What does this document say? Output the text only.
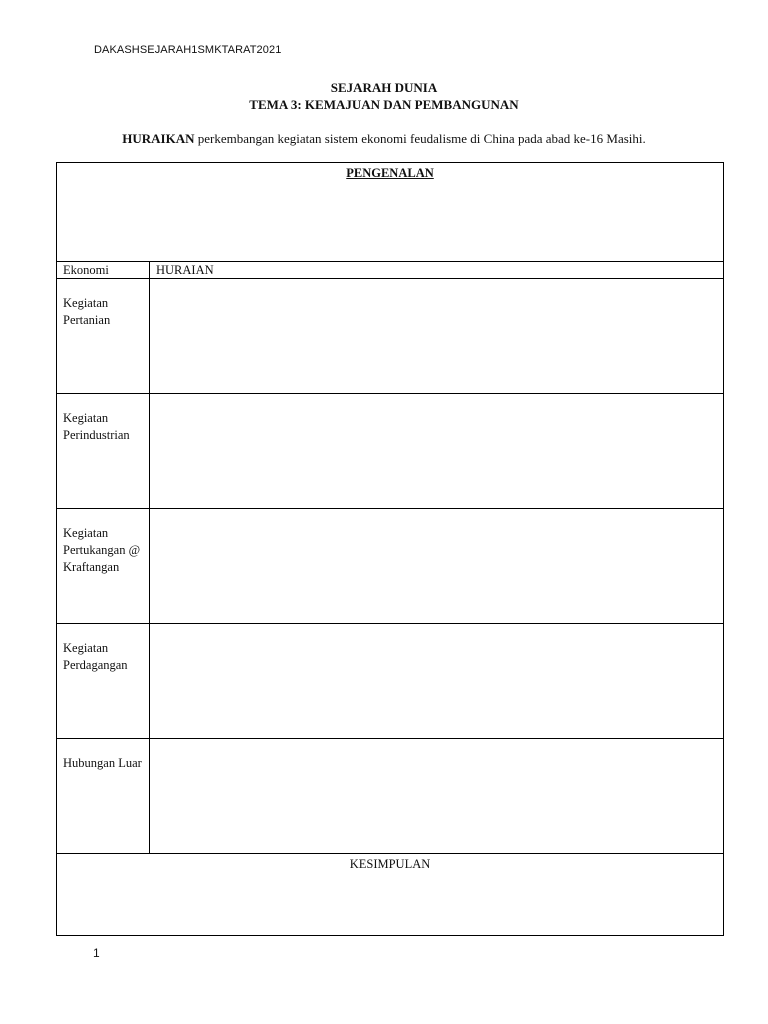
DAKASHSEJARAH1SMKTARAT2021
SEJARAH DUNIA
TEMA 3: KEMAJUAN DAN PEMBANGUNAN
HURAIKAN perkembangan kegiatan sistem ekonomi feudalisme di China pada abad ke-16 Masihi.
PENGENALAN	

Ekonomi	HURAIAN
Kegiatan Pertanian	
Kegiatan Perindustrian	
Kegiatan Pertukangan @ Kraftangan	
Kegiatan Perdagangan	
Hubungan Luar	

KESIMPULAN	
1
